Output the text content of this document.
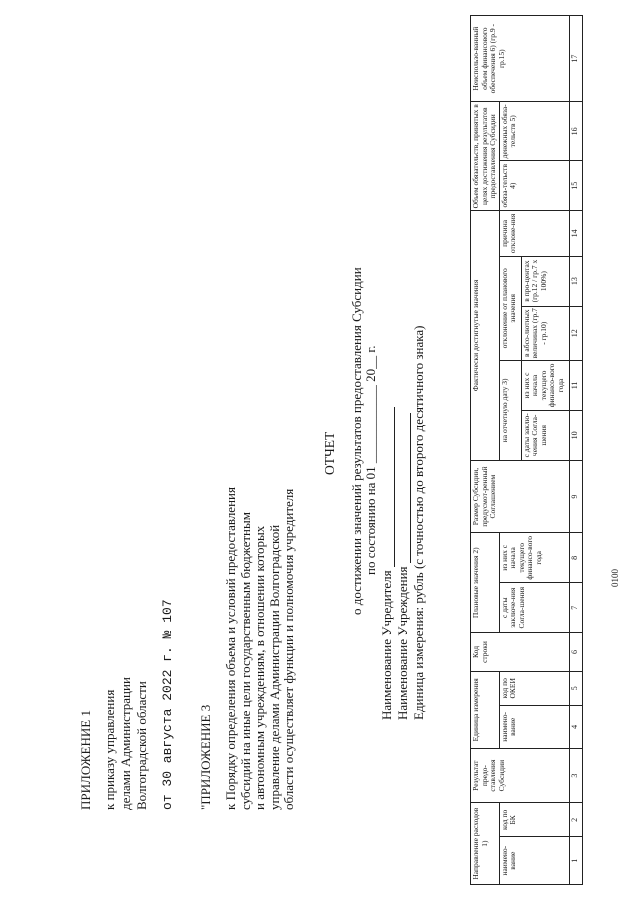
ПРИЛОЖЕНИЕ 1 к приказу управления делами Администрации Волгоградской области от 30 августа 2022 г. № 107 "ПРИЛОЖЕНИЕ 3 к Порядку определения объема и условий предоставления субсидий на иные цели государственным бюджетным и автономным учреждениям, в отношении которых управление делами Администрации Волгоградской области осуществляет функции и полномочия учредителя
ОТЧЕТ о достижении значений результатов предоставления Субсидии по состоянию на 01 ____________ 20__ г.
Наименование Учредителя Наименование Учреждения Единица измерения: рубль (с точностью до второго десятичного знака)
Направление расходов 1)		Результат предо-ставления Субсидии	Единица измерения		Код строки	Плановые значения 2)		Размер Субсидии, предусмот-ренный Соглашением	Фактически достигнутые значения					Объем обязательств, принятых в целях достижения результатов предоставления Субсидии		Неиспользо-ванный объем финансового обеспечения 6) (гр.9 - гр.15)
наимено-вание	код по БК		наимено-вание	код по ОКЕИ		с даты заключе-ния Согла-шения	из них с начала текущего финансо-вого года		на отчетную дату 3)		отклонение от планового значения		причина отклоне-ния	обяза-тельств 4)	денежных обяза-тельств 5)	
									с даты заклю-чения Согла-шения	из них с начала текущего финансо-вого года	в абсо-лютных величинах (гр.7 - гр.10)	в про-центах (гр.12 / гр.7 x 100%)				
1	2	3	4	5	6	7	8	9	10	11	12	13	14	15	16	17
0100
